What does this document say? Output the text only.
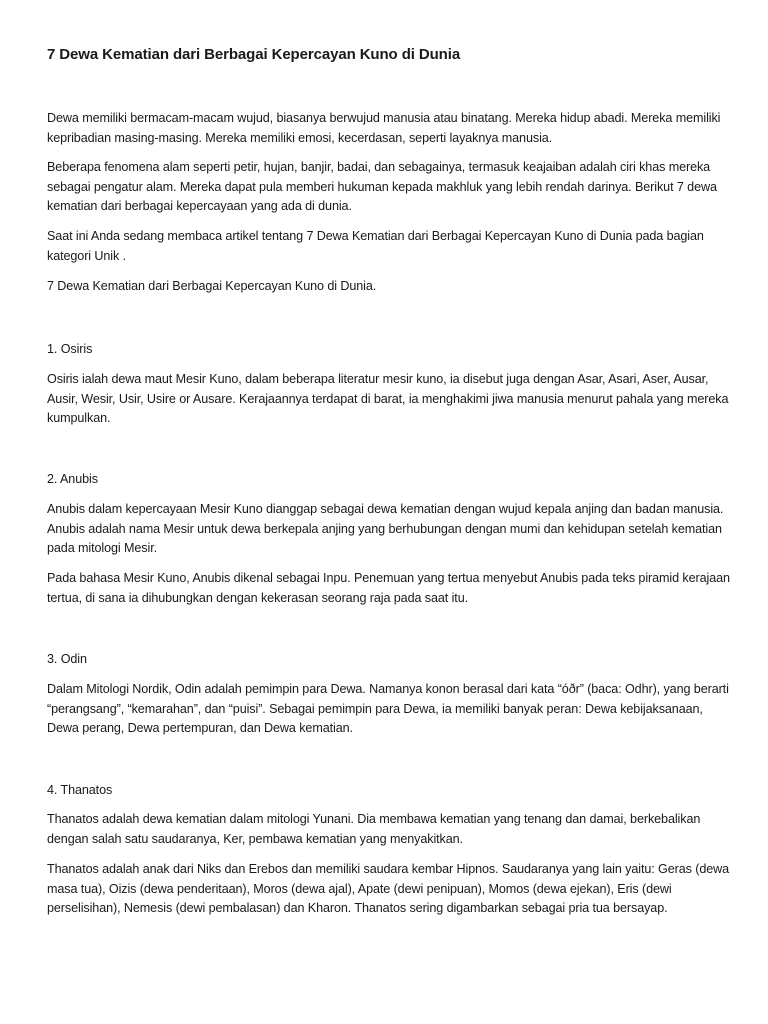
7 Dewa Kematian dari Berbagai Kepercayan Kuno di Dunia

Dewa memiliki bermacam-macam wujud, biasanya berwujud manusia atau binatang. Mereka hidup abadi. Mereka memiliki kepribadian masing-masing. Mereka memiliki emosi, kecerdasan, seperti layaknya manusia.

Beberapa fenomena alam seperti petir, hujan, banjir, badai, dan sebagainya, termasuk keajaiban adalah ciri khas mereka sebagai pengatur alam. Mereka dapat pula memberi hukuman kepada makhluk yang lebih rendah darinya. Berikut 7 dewa kematian dari berbagai kepercayaan yang ada di dunia.

Saat ini Anda sedang membaca artikel tentang 7 Dewa Kematian dari Berbagai Kepercayan Kuno di Dunia pada bagian kategori Unik .

7 Dewa Kematian dari Berbagai Kepercayan Kuno di Dunia.

1. Osiris

Osiris ialah dewa maut Mesir Kuno, dalam beberapa literatur mesir kuno, ia disebut juga dengan Asar, Asari, Aser, Ausar, Ausir, Wesir, Usir, Usire or Ausare. Kerajaannya terdapat di barat, ia menghakimi jiwa manusia menurut pahala yang mereka kumpulkan.

2. Anubis

Anubis dalam kepercayaan Mesir Kuno dianggap sebagai dewa kematian dengan wujud kepala anjing dan badan manusia. Anubis adalah nama Mesir untuk dewa berkepala anjing yang berhubungan dengan mumi dan kehidupan setelah kematian pada mitologi Mesir.

Pada bahasa Mesir Kuno, Anubis dikenal sebagai Inpu. Penemuan yang tertua menyebut Anubis pada teks piramid kerajaan tertua, di sana ia dihubungkan dengan kekerasan seorang raja pada saat itu.

3. Odin

Dalam Mitologi Nordik, Odin adalah pemimpin para Dewa. Namanya konon berasal dari kata “óðr” (baca: Odhr), yang berarti “perangsang”, “kemarahan”, dan “puisi”. Sebagai pemimpin para Dewa, ia memiliki banyak peran: Dewa kebijaksanaan, Dewa perang, Dewa pertempuran, dan Dewa kematian.

4. Thanatos

Thanatos adalah dewa kematian dalam mitologi Yunani. Dia membawa kematian yang tenang dan damai, berkebalikan dengan salah satu saudaranya, Ker, pembawa kematian yang menyakitkan.

Thanatos adalah anak dari Niks dan Erebos dan memiliki saudara kembar Hipnos. Saudaranya yang lain yaitu: Geras (dewa masa tua), Oizis (dewa penderitaan), Moros (dewa ajal), Apate (dewi penipuan), Momos (dewa ejekan), Eris (dewi perselisihan), Nemesis (dewi pembalasan) dan Kharon. Thanatos sering digambarkan sebagai pria tua bersayap.
